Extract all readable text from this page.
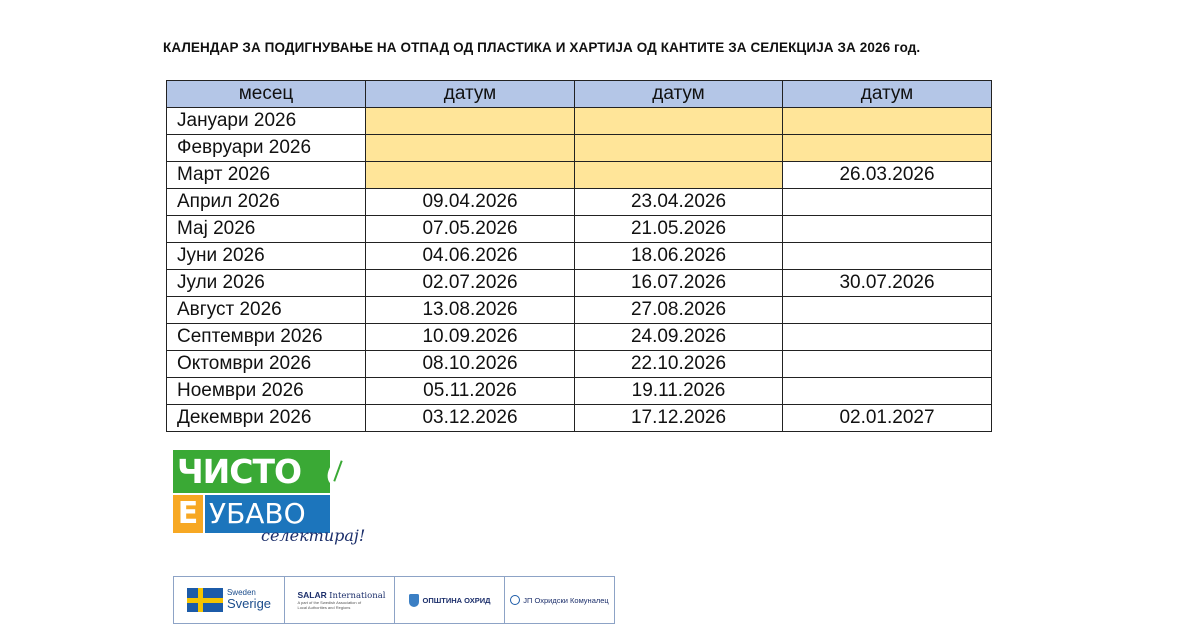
КАЛЕНДАР ЗА ПОДИГНУВАЊЕ НА ОТПАД ОД ПЛАСТИКА И ХАРТИЈА ОД КАНТИТЕ ЗА СЕЛЕКЦИЈА ЗА 2026 год.
месец	датум	датум	датум
Јануари 2026			
Февруари 2026			
Март 2026			26.03.2026
Април 2026	09.04.2026	23.04.2026	
Мај 2026	07.05.2026	21.05.2026	
Јуни 2026	04.06.2026	18.06.2026	
Јули 2026	02.07.2026	16.07.2026	30.07.2026
Август 2026	13.08.2026	27.08.2026	
Септември 2026	10.09.2026	24.09.2026	
Октомври 2026	08.10.2026	22.10.2026	
Ноември 2026	05.11.2026	19.11.2026	
Декември 2026	03.12.2026	17.12.2026	02.01.2027
ЧИСТО
Е УБАВО
селектирај!
Sweden
Sverige
SALAR International
A part of the Swedish Association of Local Authorities and Regions
ОПШТИНА ОХРИД	ЈП Охридски Комуналец
